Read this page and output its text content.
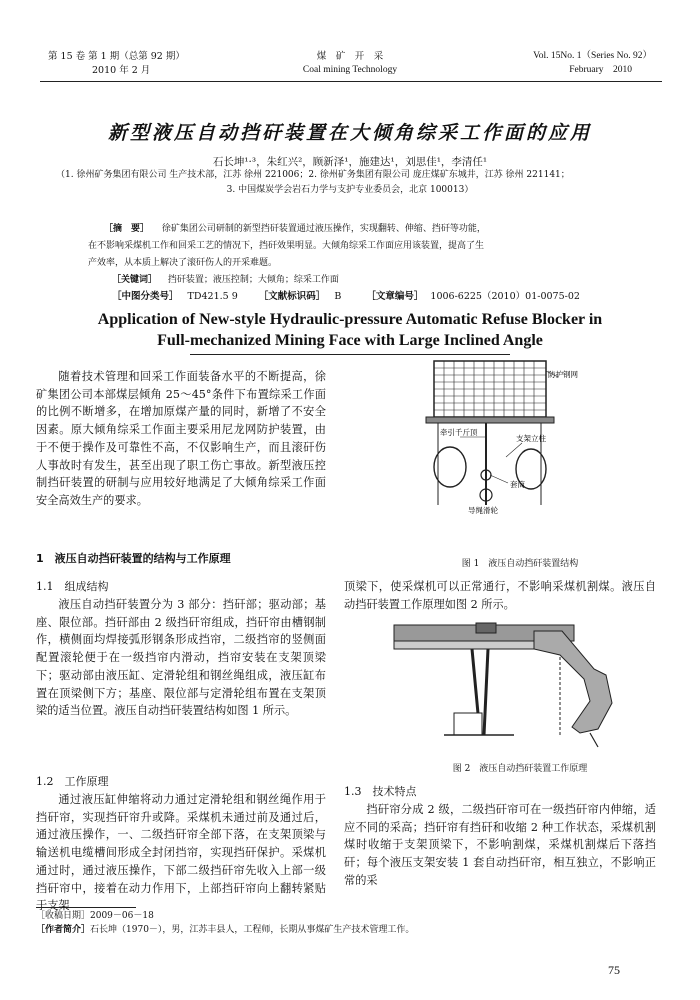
第 15 卷 第 1 期（总第 92 期）
2010 年 2 月
煤　矿　开　采
Coal mining Technology
Vol. 15No. 1（Series No. 92）
February　2010
新型液压自动挡矸装置在大倾角综采工作面的应用
石长坤¹·³，朱红兴²，顾新泽¹，施建达¹，刘思佳¹，李清任¹
（1. 徐州矿务集团有限公司 生产技术部，江苏 徐州 221006；2. 徐州矿务集团有限公司 庞庄煤矿东城井，江苏 徐州 221141；
3. 中国煤炭学会岩石力学与支护专业委员会，北京 100013）
［摘　要］ 徐矿集团公司研制的新型挡矸装置通过液压操作，实现翻转、伸缩、挡矸等功能，
在不影响采煤机工作和回采工艺的情况下，挡矸效果明显。大倾角综采工作面应用该装置，提高了生
产效率，从本质上解决了滚矸伤人的开采难题。
［关键词］ 挡矸装置；液压控制；大倾角；综采工作面
［中图分类号］ TD421.5 9 ［文献标识码］ B	［文章编号］ 1006-6225（2010）01-0075-02
Application of New-style Hydraulic-pressure Automatic Refuse Blocker in
Full-mechanized Mining Face with Large Inclined Angle
随着技术管理和回采工作面装备水平的不断提高，徐矿集团公司本部煤层倾角 25～45°条件下布置综采工作面的比例不断增多，在增加原煤产量的同时，新增了不安全因素。原大倾角综采工作面主要采用尼龙网防护装置，由于不便于操作及可靠性不高，不仅影响生产，而且滚矸伤人事故时有发生，甚至出现了职工伤亡事故。新型液压控制挡矸装置的研制与应用较好地满足了大倾角综采工作面安全高效生产的要求。
1　液压自动挡矸装置的结构与工作原理
1.1　组成结构
液压自动挡矸装置分为 3 部分：挡矸部；驱动部；基座、限位部。挡矸部由 2 级挡矸帘组成，挡矸帘由槽钢制作，横侧面均焊接弧形钢条形成挡帘，二级挡帘的竖侧面配置滚轮便于在一级挡帘内滑动，挡帘安装在支架顶梁下；驱动部由液压缸、定滑轮组和钢丝绳组成，液压缸布置在顶梁侧下方；基座、限位部与定滑轮组布置在支架顶梁的适当位置。液压自动挡矸装置结构如图 1 所示。
1.2　工作原理
通过液压缸伸缩将动力通过定滑轮组和钢丝绳作用于挡矸帘，实现挡矸帘升或降。采煤机未通过前及通过后，通过液压操作，一、二级挡矸帘全部下落，在支架顶梁与输送机电缆槽间形成全封闭挡帘，实现挡矸保护。采煤机通过时，通过液压操作，下部二级挡矸帘先收入上部一级挡矸帘中，接着在动力作用下，上部挡矸帘向上翻转紧贴于支架
防护钢网
牵引千斤顶
支架立柱
套筒
导绳滑轮
图 1　液压自动挡矸装置结构
顶梁下，使采煤机可以正常通行，不影响采煤机割煤。液压自动挡矸装置工作原理如图 2 所示。
图 2　液压自动挡矸装置工作原理
1.3　技术特点
挡矸帘分成 2 级，二级挡矸帘可在一级挡矸帘内伸缩，适应不同的采高；挡矸帘有挡矸和收缩 2 种工作状态，采煤机割煤时收缩于支架顶梁下，不影响割煤，采煤机割煤后下落挡矸；每个液压支架安装 1 套自动挡矸帘，相互独立，不影响正常的采
［收稿日期］2009－06－18
［作者简介］石长坤（1970－），男，江苏丰县人，工程师，长期从事煤矿生产技术管理工作。
75
